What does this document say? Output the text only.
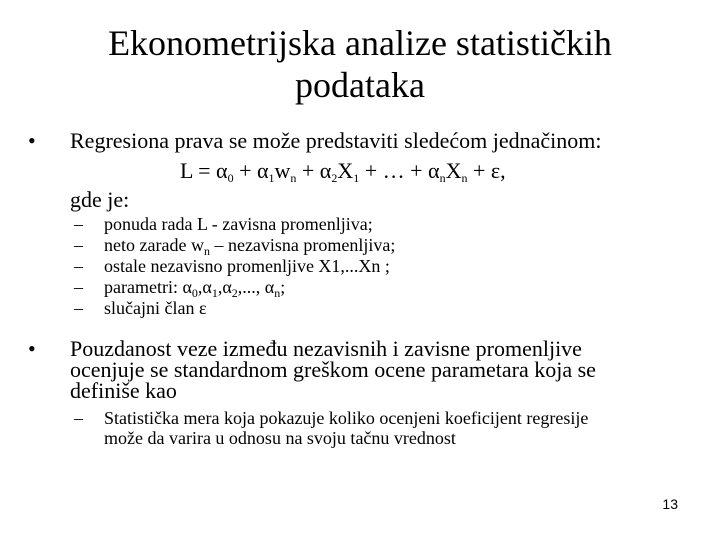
Ekonometrijska analize statističkih
podataka
• Regresiona prava se može predstaviti sledećom jednačinom:
$L = \alpha_0 + \alpha_1w_n + \alpha_2X_1$ + … + $\alpha_nX_n + \varepsilon$,
gde je:
– ponuda rada L - zavisna promenljiva;
– neto zarade $w_n$ – nezavisna promenljiva;
– ostale nezavisno promenljive X1,...Xn ;
– parametri: $\alpha_0,\alpha_1,\alpha_2$,..., $\alpha_n$;
– slučajni član ε
• Pouzdanost veze između nezavisnih i zavisne promenljive
ocenjuje se standardnom greškom ocene parametara koja se
definiše kao
– Statistička mera koja pokazuje koliko ocenjeni koeficijent regresije
može da varira u odnosu na svoju tačnu vrednost
13
